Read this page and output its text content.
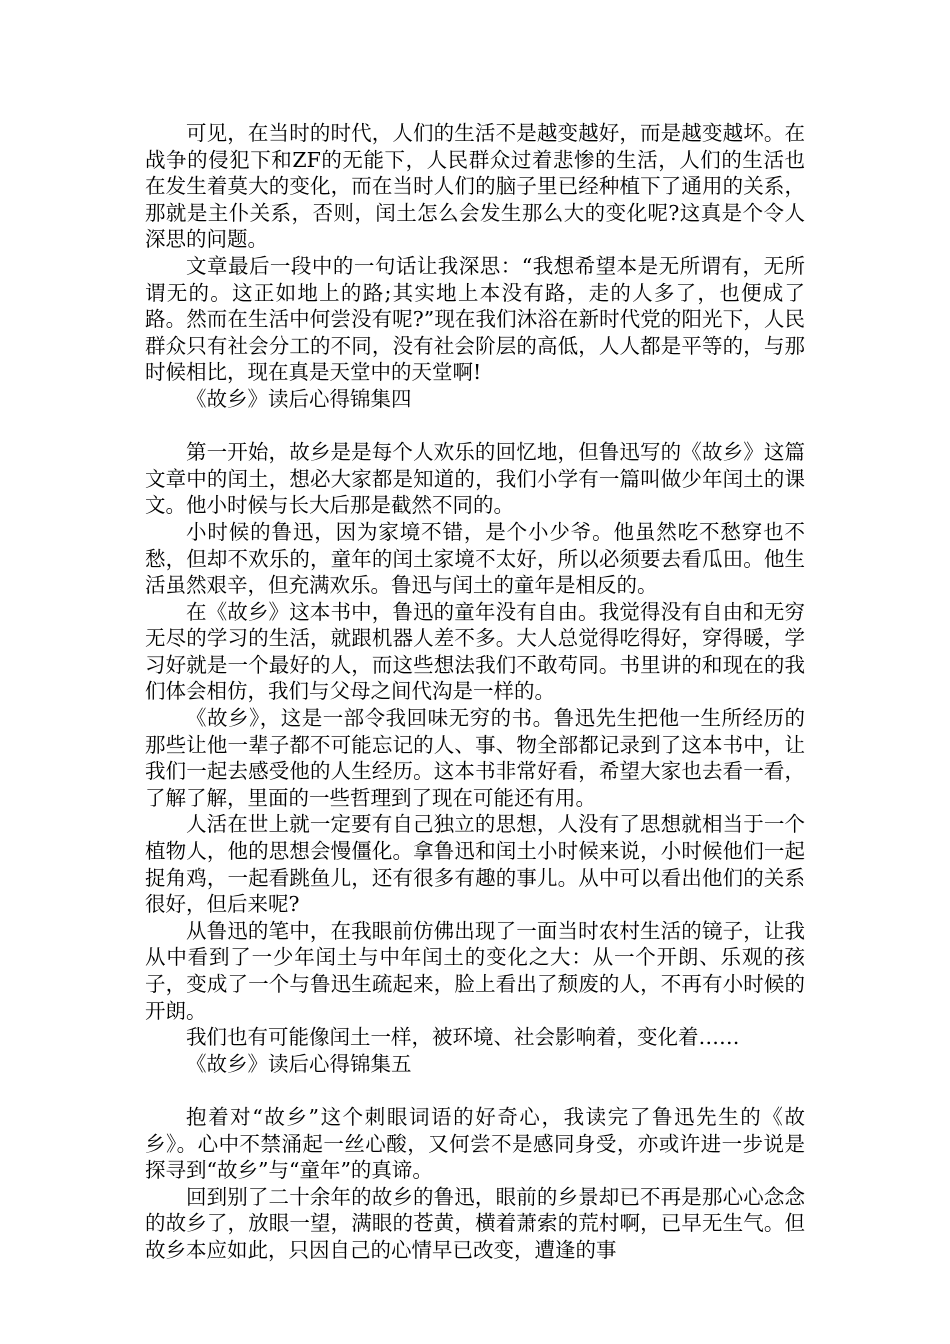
可见，在当时的时代，人们的生活不是越变越好，而是越变越坏。在战争的侵犯下和ZF的无能下，人民群众过着悲惨的生活，人们的生活也在发生着莫大的变化，而在当时人们的脑子里已经种植下了通用的关系，那就是主仆关系，否则，闰土怎么会发生那么大的变化呢?这真是个令人深思的问题。

文章最后一段中的一句话让我深思：“我想希望本是无所谓有，无所谓无的。这正如地上的路;其实地上本没有路，走的人多了，也便成了路。然而在生活中何尝没有呢?”现在我们沐浴在新时代党的阳光下，人民群众只有社会分工的不同，没有社会阶层的高低，人人都是平等的，与那时候相比，现在真是天堂中的天堂啊!

《故乡》读后心得锦集四

第一开始，故乡是是每个人欢乐的回忆地，但鲁迅写的《故乡》这篇文章中的闰土，想必大家都是知道的，我们小学有一篇叫做少年闰土的课文。他小时候与长大后那是截然不同的。

小时候的鲁迅，因为家境不错，是个小少爷。他虽然吃不愁穿也不愁，但却不欢乐的，童年的闰土家境不太好，所以必须要去看瓜田。他生活虽然艰辛，但充满欢乐。鲁迅与闰土的童年是相反的。

在《故乡》这本书中，鲁迅的童年没有自由。我觉得没有自由和无穷无尽的学习的生活，就跟机器人差不多。大人总觉得吃得好，穿得暖，学习好就是一个最好的人，而这些想法我们不敢苟同。书里讲的和现在的我们体会相仿，我们与父母之间代沟是一样的。

《故乡》，这是一部令我回味无穷的书。鲁迅先生把他一生所经历的那些让他一辈子都不可能忘记的人、事、物全部都记录到了这本书中，让我们一起去感受他的人生经历。这本书非常好看，希望大家也去看一看，了解了解，里面的一些哲理到了现在可能还有用。

人活在世上就一定要有自己独立的思想，人没有了思想就相当于一个植物人，他的思想会慢僵化。拿鲁迅和闰土小时候来说，小时候他们一起捉角鸡，一起看跳鱼儿，还有很多有趣的事儿。从中可以看出他们的关系很好，但后来呢?

从鲁迅的笔中，在我眼前仿佛出现了一面当时农村生活的镜子，让我从中看到了一少年闰土与中年闰土的变化之大：从一个开朗、乐观的孩子，变成了一个与鲁迅生疏起来，脸上看出了颓废的人，不再有小时候的开朗。

我们也有可能像闰土一样，被环境、社会影响着，变化着……

《故乡》读后心得锦集五

抱着对“故乡”这个刺眼词语的好奇心，我读完了鲁迅先生的《故乡》。心中不禁涌起一丝心酸，又何尝不是感同身受，亦或许进一步说是探寻到“故乡”与“童年”的真谛。

回到别了二十余年的故乡的鲁迅，眼前的乡景却已不再是那心心念念的故乡了，放眼一望，满眼的苍黄，横着萧索的荒村啊，已早无生气。但故乡本应如此，只因自己的心情早已改变，遭逢的事
